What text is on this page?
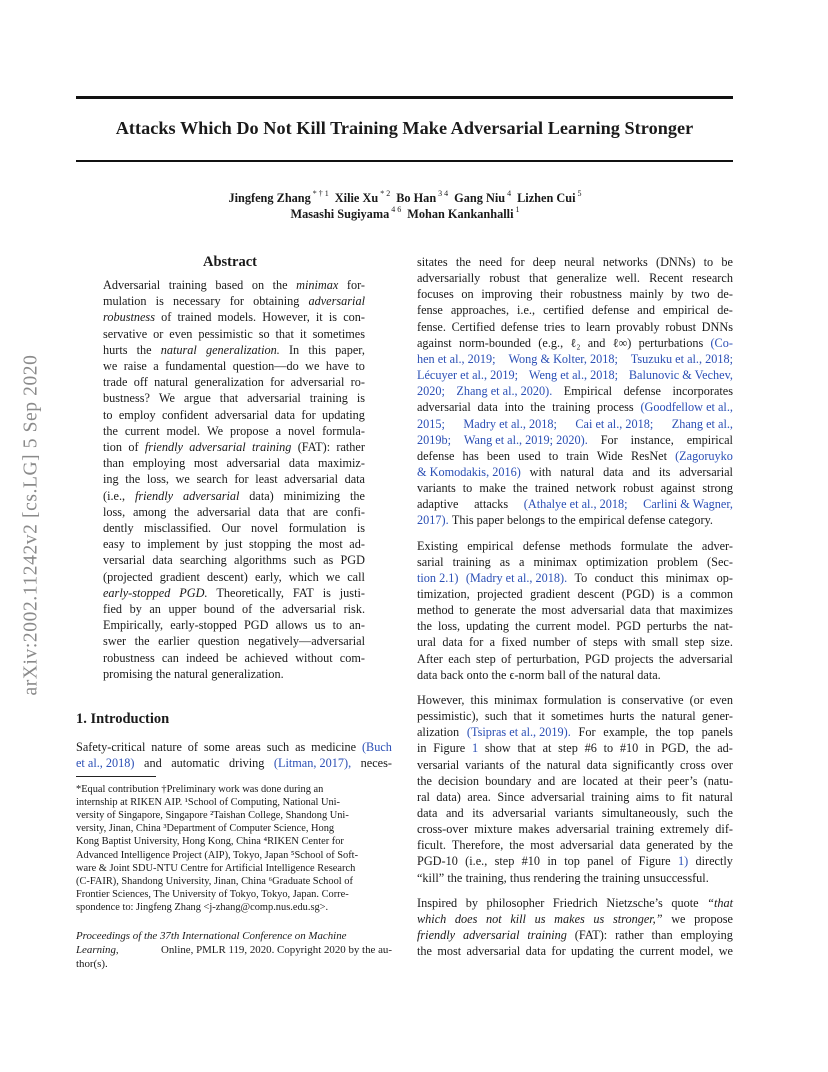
Attacks Which Do Not Kill Training Make Adversarial Learning Stronger
Jingfeng Zhang $^{* \dagger 1}$ Xilie Xu $^{* 2}$ Bo Han $^{3 4}$ Gang Niu $^4$ Lizhen Cui $^5$
Masashi Sugiyama $^{4 6}$ Mohan Kankanhalli $^1$
arXiv:2002.11242v2 [cs.LG] 5 Sep 2020
Abstract
Adversarial training based on the minimax for-
mulation is necessary for obtaining adversarial
robustness of trained models. However, it is con-
servative or even pessimistic so that it sometimes
hurts the natural generalization. In this paper,
we raise a fundamental question—do we have to
trade off natural generalization for adversarial ro-
bustness? We argue that adversarial training is
to employ confident adversarial data for updating
the current model. We propose a novel formula-
tion of friendly adversarial training (FAT): rather
than employing most adversarial data maximiz-
ing the loss, we search for least adversarial data
(i.e., friendly adversarial data) minimizing the
loss, among the adversarial data that are confi-
dently misclassified. Our novel formulation is
easy to implement by just stopping the most ad-
versarial data searching algorithms such as PGD
(projected gradient descent) early, which we call
early-stopped PGD. Theoretically, FAT is justi-
fied by an upper bound of the adversarial risk.
Empirically, early-stopped PGD allows us to an-
swer the earlier question negatively—adversarial
robustness can indeed be achieved without com-
promising the natural generalization.
1. Introduction
Safety-critical nature of some areas such as medicine (Buch
et al., 2018) and automatic driving (Litman, 2017), neces-
*Equal contribution †Preliminary work was done during an
internship at RIKEN AIP. ¹School of Computing, National Uni-
versity of Singapore, Singapore ²Taishan College, Shandong Uni-
versity, Jinan, China ³Department of Computer Science, Hong
Kong Baptist University, Hong Kong, China ⁴RIKEN Center for
Advanced Intelligence Project (AIP), Tokyo, Japan ⁵School of Soft-
ware & Joint SDU-NTU Centre for Artificial Intelligence Research
(C-FAIR), Shandong University, Jinan, China ⁶Graduate School of
Frontier Sciences, The University of Tokyo, Tokyo, Japan. Corre-
spondence to: Jingfeng Zhang <j-zhang@comp.nus.edu.sg>.
Proceedings of the 37th International Conference on Machine
Learning,	Online, PMLR 119, 2020. Copyright 2020 by the au-
thor(s).
sitates the need for deep neural networks (DNNs) to be
adversarially robust that generalize well. Recent research
focuses on improving their robustness mainly by two de-
fense approaches, i.e., certified defense and empirical de-
fense. Certified defense tries to learn provably robust DNNs
against norm-bounded (e.g., ℓ₂ and ℓ∞) perturbations (Co-
hen et al., 2019; Wong & Kolter, 2018; Tsuzuku et al., 2018;
Lécuyer et al., 2019; Weng et al., 2018; Balunovic & Vechev,
2020; Zhang et al., 2020). Empirical defense incorporates
adversarial data into the training process (Goodfellow et al.,
2015; Madry et al., 2018; Cai et al., 2018; Zhang et al.,
2019b; Wang et al., 2019; 2020). For instance, empirical
defense has been used to train Wide ResNet (Zagoruyko
& Komodakis, 2016) with natural data and its adversarial
variants to make the trained network robust against strong
adaptive attacks (Athalye et al., 2018; Carlini & Wagner,
2017). This paper belongs to the empirical defense category.
Existing empirical defense methods formulate the adver-
sarial training as a minimax optimization problem (Sec-
tion 2.1) (Madry et al., 2018). To conduct this minimax op-
timization, projected gradient descent (PGD) is a common
method to generate the most adversarial data that maximizes
the loss, updating the current model. PGD perturbs the nat-
ural data for a fixed number of steps with small step size.
After each step of perturbation, PGD projects the adversarial
data back onto the ϵ-norm ball of the natural data.
However, this minimax formulation is conservative (or even
pessimistic), such that it sometimes hurts the natural gener-
alization (Tsipras et al., 2019). For example, the top panels
in Figure 1 show that at step #6 to #10 in PGD, the ad-
versarial variants of the natural data significantly cross over
the decision boundary and are located at their peer’s (natu-
ral data) area. Since adversarial training aims to fit natural
data and its adversarial variants simultaneously, such the
cross-over mixture makes adversarial training extremely dif-
ficult. Therefore, the most adversarial data generated by the
PGD-10 (i.e., step #10 in top panel of Figure 1) directly
“kill” the training, thus rendering the training unsuccessful.
Inspired by philosopher Friedrich Nietzsche’s quote “that
which does not kill us makes us stronger,” we propose
friendly adversarial training (FAT): rather than employing
the most adversarial data for updating the current model, we
